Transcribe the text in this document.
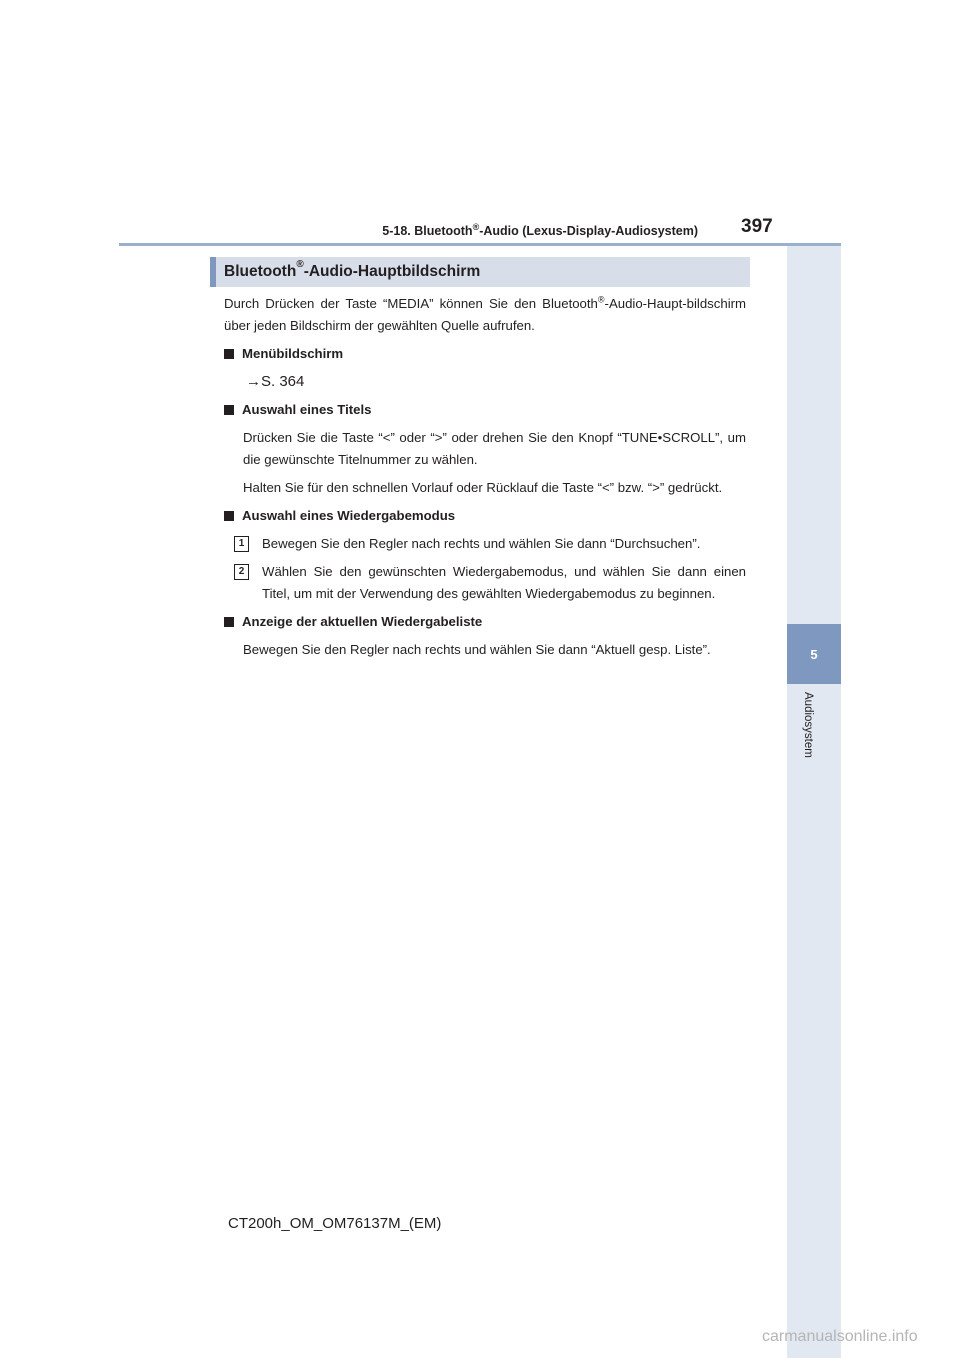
5-18. Bluetooth®-Audio (Lexus-Display-Audiosystem) 397
5
Audiosystem
Bluetooth® -Audio-Hauptbildschirm

Durch Drücken der Taste “MEDIA” können Sie den Bluetooth®-Audio-Haupt-bildschirm über jeden Bildschirm der gewählten Quelle aufrufen.

Menübildschirm

→S. 364

Auswahl eines Titels

Drücken Sie die Taste “<” oder “>” oder drehen Sie den Knopf “TUNE•SCROLL”, um die gewünschte Titelnummer zu wählen.

Halten Sie für den schnellen Vorlauf oder Rücklauf die Taste “<” bzw. “>” gedrückt.

Auswahl eines Wiedergabemodus
1	Bewegen Sie den Regler nach rechts und wählen Sie dann “Durchsuchen”.
2	Wählen Sie den gewünschten Wiedergabemodus, und wählen Sie dann einen Titel, um mit der Verwendung des gewählten Wiedergabemodus zu beginnen.
Anzeige der aktuellen Wiedergabeliste

Bewegen Sie den Regler nach rechts und wählen Sie dann “Aktuell gesp. Liste”.

CT200h_OM_OM76137M_(EM)
carmanualsonline.info
